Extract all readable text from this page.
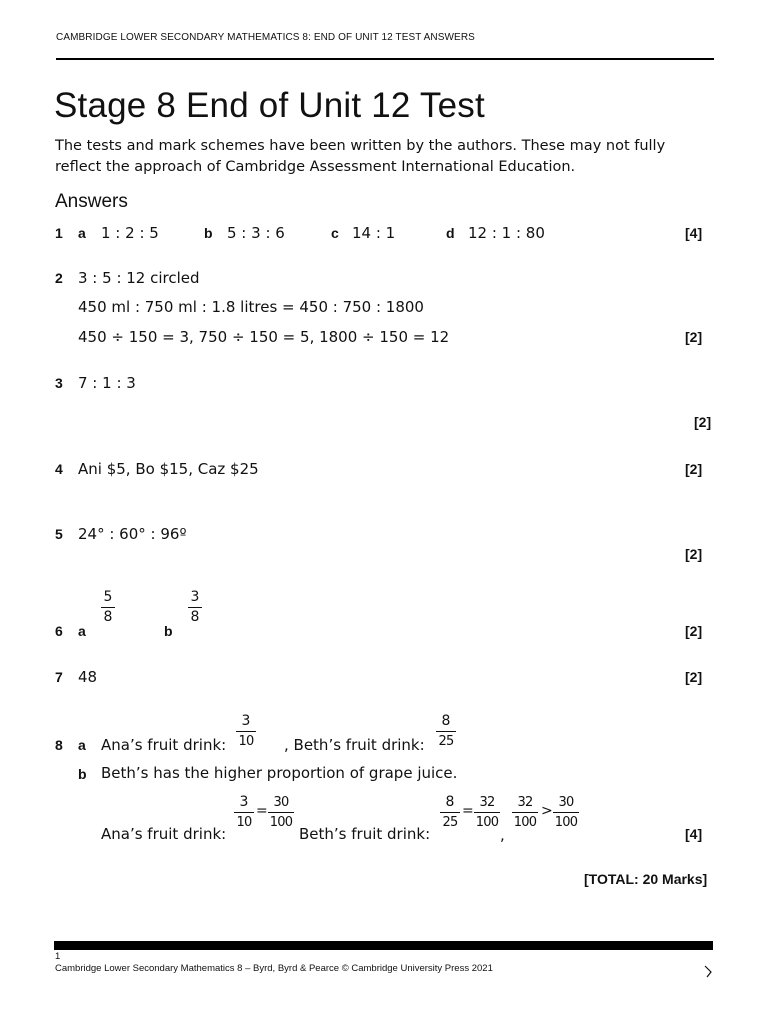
CAMBRIDGE LOWER SECONDARY MATHEMATICS 8: END OF UNIT 12 TEST ANSWERS
Stage 8 End of Unit 12 Test
The tests and mark schemes have been written by the authors. These may not fully reflect the approach of Cambridge Assessment International Education.
Answers
1 a 1 : 2 : 5	b 5 : 3 : 6	c 14 : 1	d 12 : 1 : 80	[4]
2 3 : 5 : 12 circled
450 ml : 750 ml : 1.8 litres = 450 : 750 : 1800
450 ÷ 150 = 3, 750 ÷ 150 = 5, 1800 ÷ 150 = 12	[2]
3 7 : 1 : 3
[2]
4 Ani $5, Bo $15, Caz $25	[2]
5 24° : 60° : 96º
[2]
6 a
5
8
b
3
8
[2]
7 48	[2]
8 a Ana’s fruit drink:
3
10 , Beth’s fruit drink:
8
25
b Beth’s has the higher proportion of grape juice.
Ana’s fruit drink:
3
10
=
30
100
Beth’s fruit drink:
8
25
=
32
100
,
32
100
>
30
100
[4]
[TOTAL: 20 Marks]
1
Cambridge Lower Secondary Mathematics 8 – Byrd, Byrd & Pearce © Cambridge University Press 2021
